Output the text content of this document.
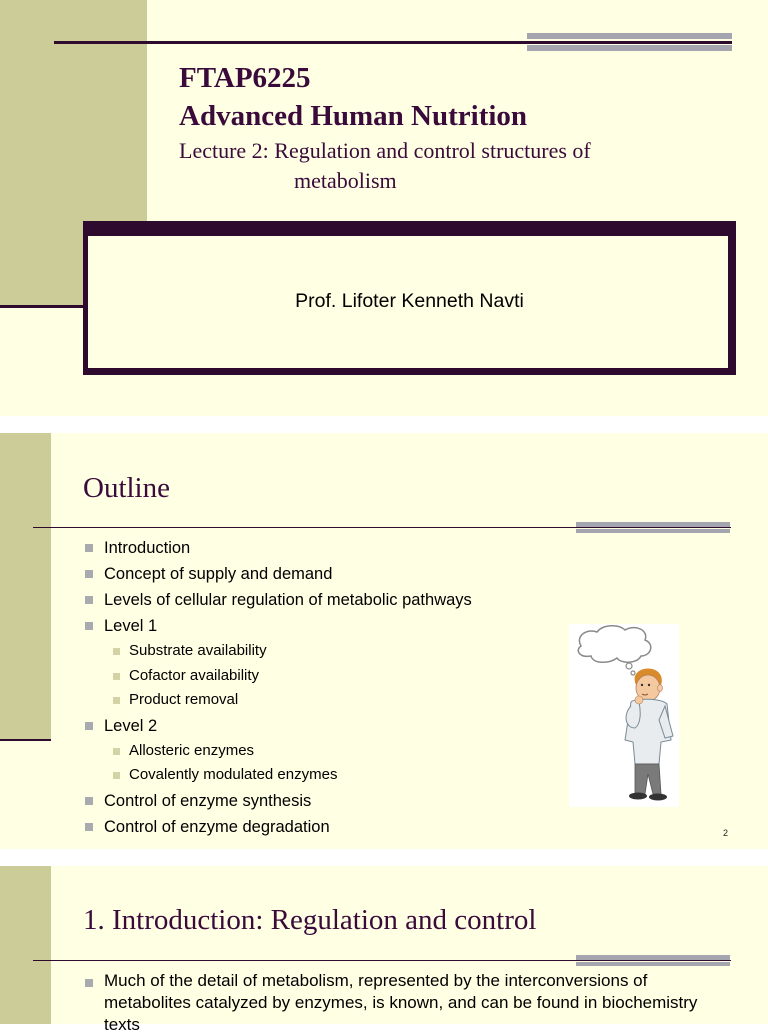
FTAP6225
Advanced Human Nutrition
Lecture 2: Regulation and control structures of
metabolism
Prof. Lifoter Kenneth Navti
Outline
Introduction
Concept of supply and demand
Levels of cellular regulation of metabolic pathways
Level 1
Substrate availability
Cofactor availability
Product removal
Level 2
Allosteric enzymes
Covalently modulated enzymes
Control of enzyme synthesis
Control of enzyme degradation	2
1. Introduction: Regulation and control
Much of the detail of metabolism, represented by the interconversions of metabolites catalyzed by enzymes, is known, and can be found in biochemistry texts
